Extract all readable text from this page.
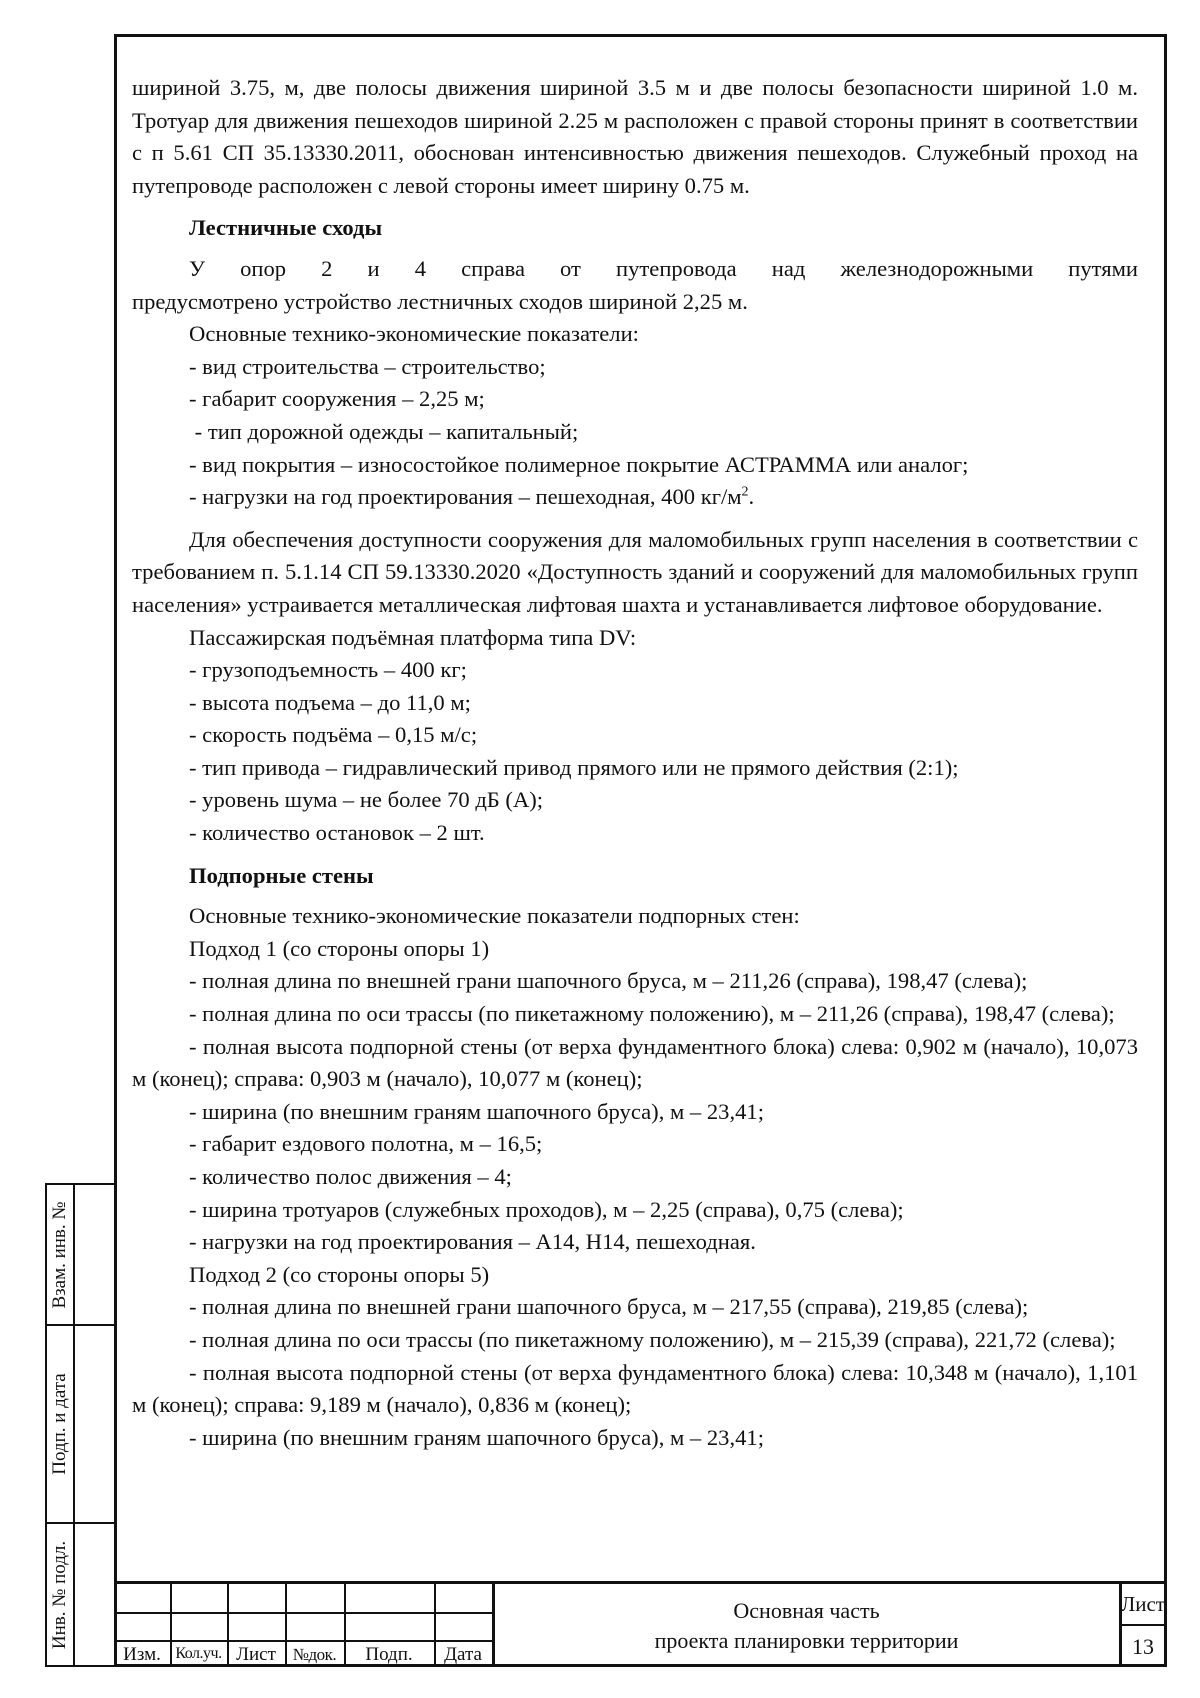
шириной 3.75, м, две полосы движения шириной 3.5 м и две полосы безопасности шириной 1.0 м. Тротуар для движения пешеходов шириной 2.25 м расположен с правой стороны принят в соответствии с п 5.61 СП 35.13330.2011, обоснован интенсивностью движения пешеходов. Служебный проход на путепроводе расположен с левой стороны имеет ширину 0.75 м.

Лестничные сходы

У опор 2 и 4 справа от путепровода над железнодорожными путями

предусмотрено устройство лестничных сходов шириной 2,25 м.

Основные технико-экономические показатели:

- вид строительства – строительство;

- габарит сооружения – 2,25 м;

- тип дорожной одежды – капитальный;

- вид покрытия – износостойкое полимерное покрытие АСТРАММА или аналог;

- нагрузки на год проектирования – пешеходная, 400 $кг/м^2$.

Для обеспечения доступности сооружения для маломобильных групп населения в соответствии с требованием п. 5.1.14 СП 59.13330.2020 «Доступность зданий и сооружений для маломобильных групп населения» устраивается металлическая лифтовая шахта и устанавливается лифтовое оборудование.

Пассажирская подъёмная платформа типа DV:

- грузоподъемность – 400 кг;

- высота подъема – до 11,0 м;

- скорость подъёма – 0,15 м/с;

- тип привода – гидравлический привод прямого или не прямого действия (2:1);

- уровень шума – не более 70 дБ (А);

- количество остановок – 2 шт.

Подпорные стены

Основные технико-экономические показатели подпорных стен:

Подход 1 (со стороны опоры 1)

- полная длина по внешней грани шапочного бруса, м – 211,26 (справа), 198,47 (слева);

- полная длина по оси трассы (по пикетажному положению), м – 211,26 (справа), 198,47 (слева);

- полная высота подпорной стены (от верха фундаментного блока) слева: 0,902 м (начало), 10,073 м (конец); справа: 0,903 м (начало), 10,077 м (конец);

- ширина (по внешним граням шапочного бруса), м – 23,41;

- габарит ездового полотна, м – 16,5;

- количество полос движения – 4;

- ширина тротуаров (служебных проходов), м – 2,25 (справа), 0,75 (слева);

- нагрузки на год проектирования – А14, Н14, пешеходная.

Подход 2 (со стороны опоры 5)

- полная длина по внешней грани шапочного бруса, м – 217,55 (справа), 219,85 (слева);

- полная длина по оси трассы (по пикетажному положению), м – 215,39 (справа), 221,72 (слева);

- полная высота подпорной стены (от верха фундаментного блока) слева: 10,348 м (начало), 1,101 м (конец); справа: 9,189 м (начало), 0,836 м (конец);

- ширина (по внешним граням шапочного бруса), м – 23,41;

Взам. инв. №
Подп. и дата
Инв. № подл.
Изм. Кол.уч. Лист №док.	Подп.	Дата
Основная часть
проекта планировки территории
Лист
13
